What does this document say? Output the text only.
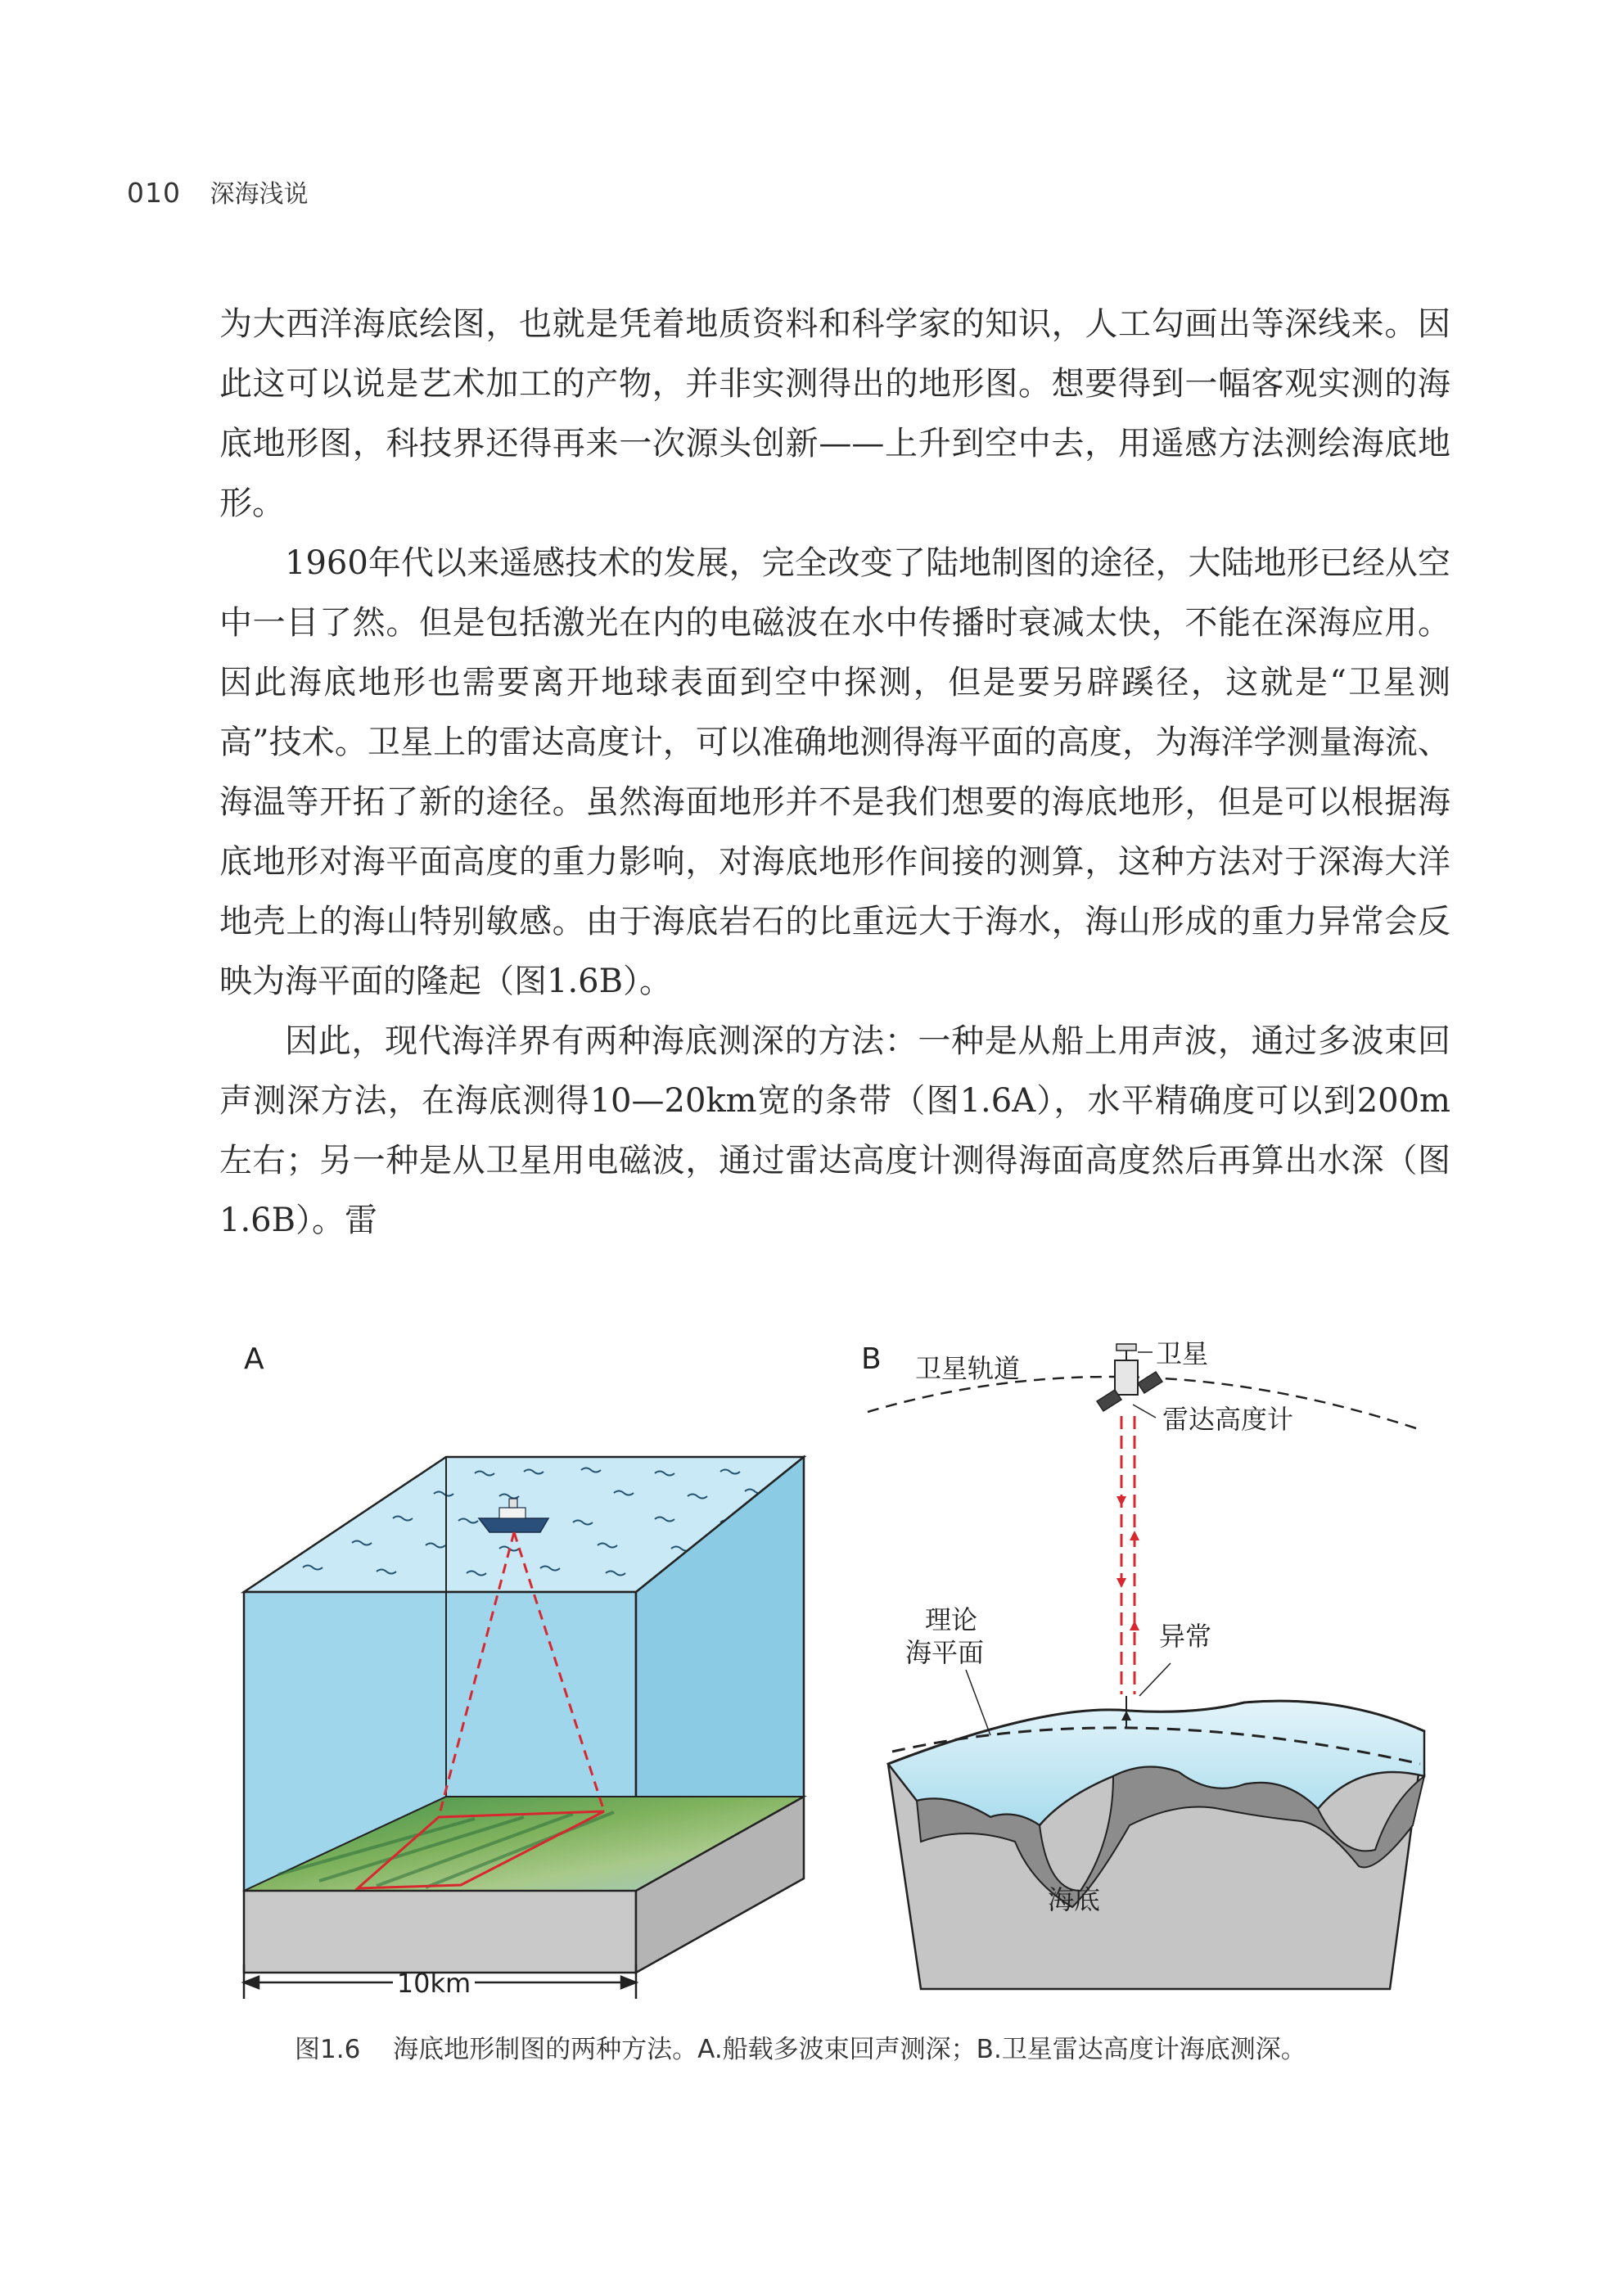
010 深海浅说

为大西洋海底绘图，也就是凭着地质资料和科学家的知识，人工勾画出等深线来。因此这可以说是艺术加工的产物，并非实测得出的地形图。想要得到一幅客观实测的海底地形图，科技界还得再来一次源头创新——上升到空中去，用遥感方法测绘海底地形。

1960年代以来遥感技术的发展，完全改变了陆地制图的途径，大陆地形已经从空中一目了然。但是包括激光在内的电磁波在水中传播时衰减太快，不能在深海应用。因此海底地形也需要离开地球表面到空中探测，但是要另辟蹊径，这就是“卫星测高”技术。卫星上的雷达高度计，可以准确地测得海平面的高度，为海洋学测量海流、海温等开拓了新的途径。虽然海面地形并不是我们想要的海底地形，但是可以根据海底地形对海平面高度的重力影响，对海底地形作间接的测算，这种方法对于深海大洋地壳上的海山特别敏感。由于海底岩石的比重远大于海水，海山形成的重力异常会反映为海平面的隆起（图1.6B）。

因此，现代海洋界有两种海底测深的方法：一种是从船上用声波，通过多波束回声测深方法，在海底测得10—20km宽的条带（图1.6A），水平精确度可以到200m左右；另一种是从卫星用电磁波，通过雷达高度计测得海面高度然后再算出水深（图1.6B）。雷

A
10km
B 卫星轨道	卫星
雷达高度计
异常
理论
海平面
海底
图1.6 海底地形制图的两种方法。A.船载多波束回声测深；B.卫星雷达高度计海底测深。
